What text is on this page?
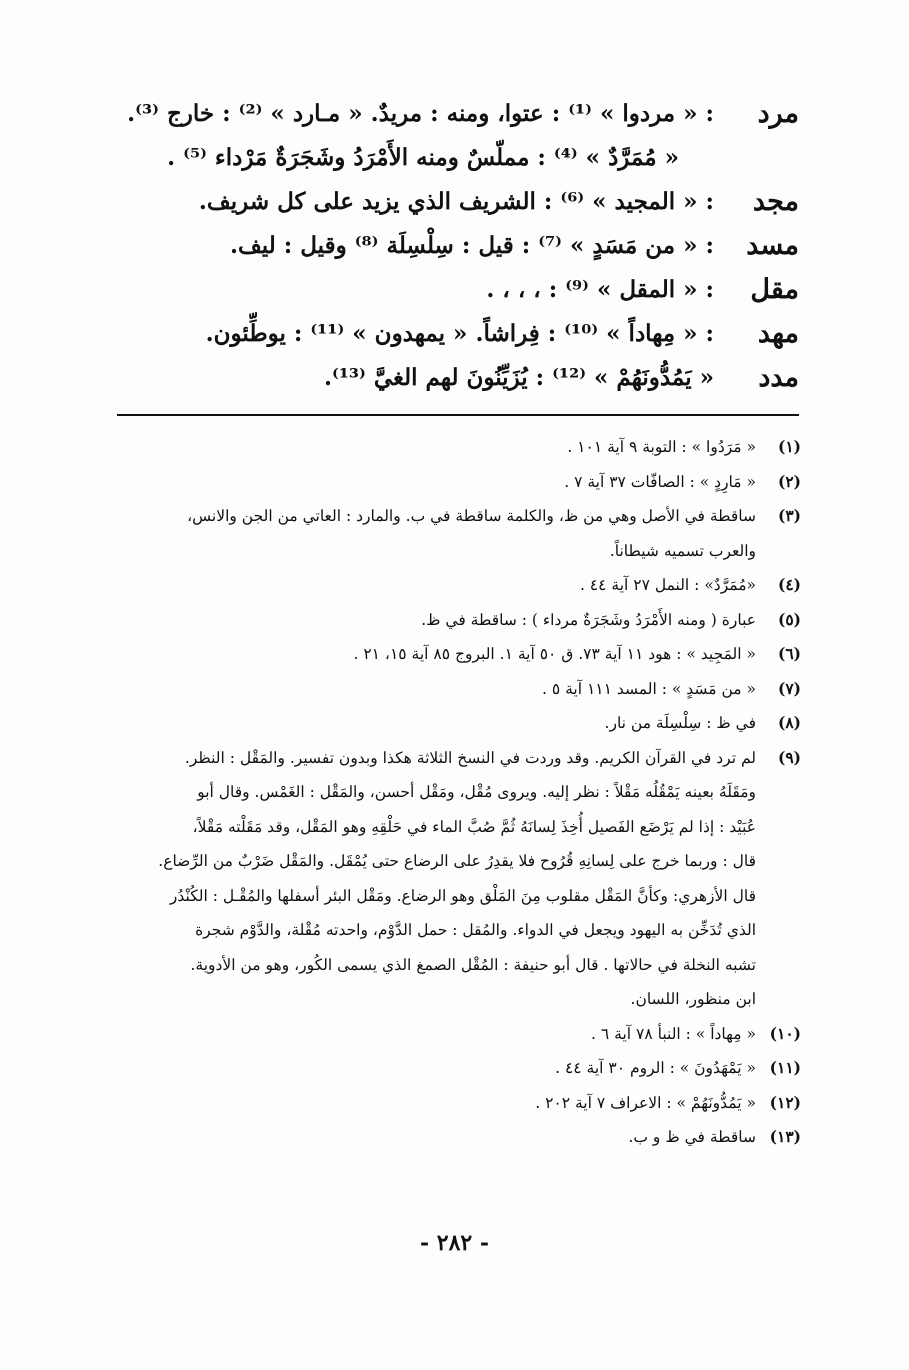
مرد
: « مردوا » ⁽¹⁾ : عتوا، ومنه : مريدٌ. « مـارد » ⁽²⁾ : خارج ⁽³⁾.
« مُمَرَّدٌ » ⁽⁴⁾ : مملّسٌ ومنه الأَمْرَدُ وشَجَرَةٌ مَرْداء ⁽⁵⁾ .
مجد
: « المجيد » ⁽⁶⁾ : الشريف الذي يزيد على كل شريف.
مسد
: « من مَسَدٍ » ⁽⁷⁾ : قيل : سِلْسِلَة ⁽⁸⁾ وقيل : ليف.
مقل
: « المقل » ⁽⁹⁾ : ، ، ، .
مهد
: « مِهاداً » ⁽¹⁰⁾ : فِراشاً. « يمهدون » ⁽¹¹⁾ : يوطِّئون.
مدد
« يَمُدُّونَهُمْ » ⁽¹²⁾ : يُزَيِّنُونَ لهم الغيَّ ⁽¹³⁾.
(١)
« مَرَدُوا » : التوبة ٩ آية ١٠١ .
(٢)
« مَارِدٍ » : الصافّات ٣٧ آية ٧ .
(٣)
ساقطة في الأصل وهي من ظ، والكلمة ساقطة في ب. والمارد : العاتي من الجن والانس،
والعرب تسميه شيطاناً.
(٤)
«مُمَرَّدٌ» : النمل ٢٧ آية ٤٤ .
(٥)
عبارة ( ومنه الأَمْرَدُ وشَجَرَةٌ مرداء ) : ساقطة في ظ.
(٦)
« المَجِيد » : هود ١١ آية ٧٣. ق ٥٠ آية ١. البروج ٨٥ آية ١٥، ٢١ .
(٧)
« من مَسَدٍ » : المسد ١١١ آية ٥ .
(٨)
في ظ : سِلْسِلَة من نار.
(٩)
لم ترد في القرآن الكريم. وقد وردت في النسخ الثلاثة هكذا وبدون تفسير. والمَقْل : النظر.
ومَقَلَهُ بعينه يَمْقُلُه مَقْلاً : نظر إليه. ويروى مُقْل، ومَقْل أحسن، والمَقْل : الغَمْس. وقال أبو
عُبَيْد : إذا لم يَرْضَع الفَصيل أُخِذَ لِسانَهُ ثُمَّ صُبَّ الماء في حَلْقِهِ وهو المَقْل، وقد مَقَلْته مَقْلاً،
قال : وربما خرج على لِسانِهِ قُرُوح فلا يقدِرُ على الرضاع حتى يُمْقَل. والمَقْل ضَرْبٌ من الرِّضاع.
قال الأزهري: وكأنَّ المَقْل مقلوب مِنَ المَلْق وهو الرضاع. ومَقْل البئر أسفلها والمُقْـل : الكُنْدُر
الذي تُدَخِّن به اليهود ويجعل في الدواء. والمُقل : حمل الدَّوْم، واحدته مُقْلة، والدَّوْم شجرة
تشبه النخلة في حالاتها . قال أبو حنيفة : المُقْل الصمغ الذي يسمى الكُور، وهو من الأدوية.
ابن منظور، اللسان.
(١٠)
« مِهاداً » : النبأ ٧٨ آية ٦ .
(١١)
« يَمْهَدُونَ » : الروم ٣٠ آية ٤٤ .
(١٢)
« يَمُدُّونَهُمْ » : الاعراف ٧ آية ٢٠٢ .
(١٣)
ساقطة في ظ و ب.
- ٢٨٢ -
